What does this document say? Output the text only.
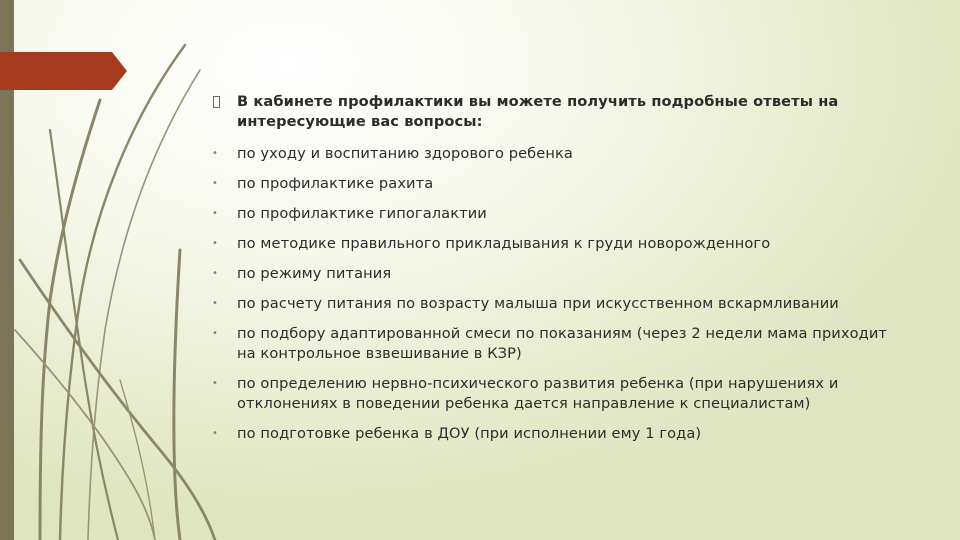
В кабинете профилактики вы можете получить подробные ответы на интересующие вас вопросы:
• по уходу и воспитанию здорового ребенка
• по профилактике рахита
• по профилактике гипогалактии
• по методике правильного прикладывания к груди новорожденного
• по режиму питания
• по расчету питания по возрасту малыша при искусственном вскармливании
• по подбору адаптированной смеси по показаниям (через 2 недели мама приходит на контрольное взвешивание в КЗР)
• по определению нервно-психического развития ребенка (при нарушениях и отклонениях в поведении ребенка дается направление к специалистам)
• по подготовке ребенка в ДОУ (при исполнении ему 1 года)
